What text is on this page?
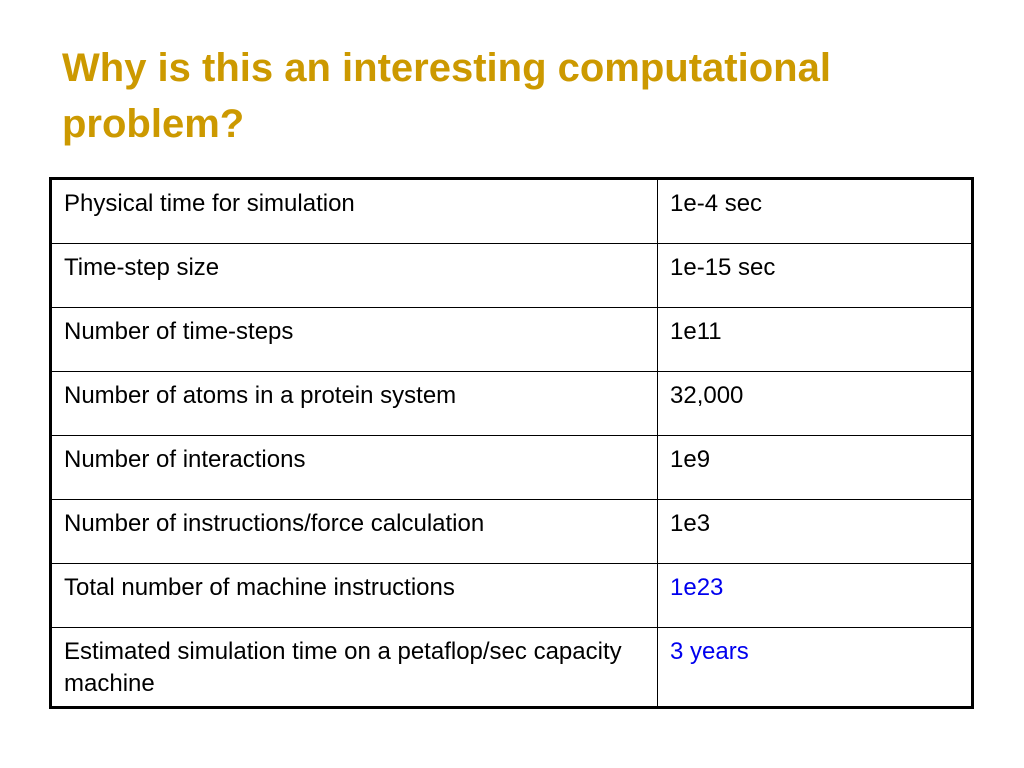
Why is this an interesting computational problem?
Physical time for simulation	1e-4 sec
Time-step size	1e-15 sec
Number of time-steps	1e11
Number of atoms in a protein system	32,000
Number of interactions	1e9
Number of instructions/force calculation	1e3
Total number of machine instructions	1e23
Estimated simulation time on a petaflop/sec capacity machine	3 years
